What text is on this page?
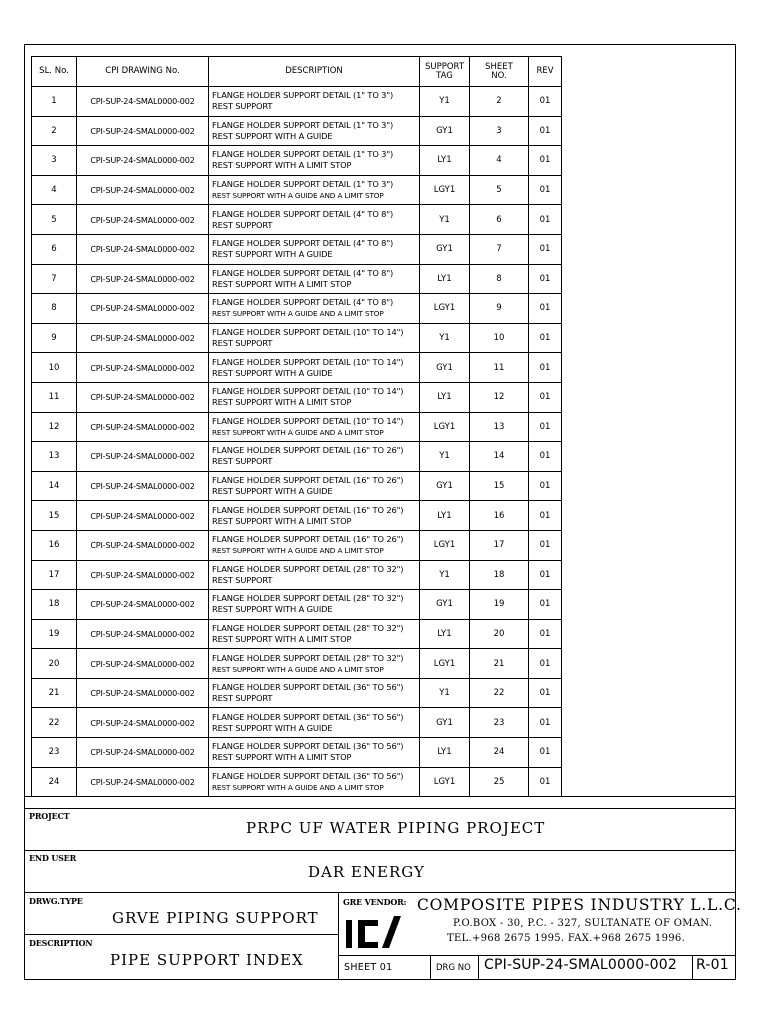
SL. No.	CPI DRAWING No.	DESCRIPTION	SUPPORT TAG	SHEET NO.	REV
1	CPI-SUP-24-SMAL0000-002	FLANGE HOLDER SUPPORT DETAIL (1" TO 3")
REST SUPPORT	Y1	2	01
2	CPI-SUP-24-SMAL0000-002	FLANGE HOLDER SUPPORT DETAIL (1" TO 3")
REST SUPPORT WITH A GUIDE	GY1	3	01
3	CPI-SUP-24-SMAL0000-002	FLANGE HOLDER SUPPORT DETAIL (1" TO 3")
REST SUPPORT WITH A LIMIT STOP	LY1	4	01
4	CPI-SUP-24-SMAL0000-002	FLANGE HOLDER SUPPORT DETAIL (1" TO 3")
REST SUPPORT WITH A GUIDE AND A LIMIT STOP	LGY1	5	01
5	CPI-SUP-24-SMAL0000-002	FLANGE HOLDER SUPPORT DETAIL (4" TO 8")
REST SUPPORT	Y1	6	01
6	CPI-SUP-24-SMAL0000-002	FLANGE HOLDER SUPPORT DETAIL (4" TO 8")
REST SUPPORT WITH A GUIDE	GY1	7	01
7	CPI-SUP-24-SMAL0000-002	FLANGE HOLDER SUPPORT DETAIL (4" TO 8")
REST SUPPORT WITH A LIMIT STOP	LY1	8	01
8	CPI-SUP-24-SMAL0000-002	FLANGE HOLDER SUPPORT DETAIL (4" TO 8")
REST SUPPORT WITH A GUIDE AND A LIMIT STOP	LGY1	9	01
9	CPI-SUP-24-SMAL0000-002	FLANGE HOLDER SUPPORT DETAIL (10" TO 14")
REST SUPPORT	Y1	10	01
10	CPI-SUP-24-SMAL0000-002	FLANGE HOLDER SUPPORT DETAIL (10" TO 14")
REST SUPPORT WITH A GUIDE	GY1	11	01
11	CPI-SUP-24-SMAL0000-002	FLANGE HOLDER SUPPORT DETAIL (10" TO 14")
REST SUPPORT WITH A LIMIT STOP	LY1	12	01
12	CPI-SUP-24-SMAL0000-002	FLANGE HOLDER SUPPORT DETAIL (10" TO 14")
REST SUPPORT WITH A GUIDE AND A LIMIT STOP	LGY1	13	01
13	CPI-SUP-24-SMAL0000-002	FLANGE HOLDER SUPPORT DETAIL (16" TO 26")
REST SUPPORT	Y1	14	01
14	CPI-SUP-24-SMAL0000-002	FLANGE HOLDER SUPPORT DETAIL (16" TO 26")
REST SUPPORT WITH A GUIDE	GY1	15	01
15	CPI-SUP-24-SMAL0000-002	FLANGE HOLDER SUPPORT DETAIL (16" TO 26")
REST SUPPORT WITH A LIMIT STOP	LY1	16	01
16	CPI-SUP-24-SMAL0000-002	FLANGE HOLDER SUPPORT DETAIL (16" TO 26")
REST SUPPORT WITH A GUIDE AND A LIMIT STOP	LGY1	17	01
17	CPI-SUP-24-SMAL0000-002	FLANGE HOLDER SUPPORT DETAIL (28" TO 32")
REST SUPPORT	Y1	18	01
18	CPI-SUP-24-SMAL0000-002	FLANGE HOLDER SUPPORT DETAIL (28" TO 32")
REST SUPPORT WITH A GUIDE	GY1	19	01
19	CPI-SUP-24-SMAL0000-002	FLANGE HOLDER SUPPORT DETAIL (28" TO 32")
REST SUPPORT WITH A LIMIT STOP	LY1	20	01
20	CPI-SUP-24-SMAL0000-002	FLANGE HOLDER SUPPORT DETAIL (28" TO 32")
REST SUPPORT WITH A GUIDE AND A LIMIT STOP	LGY1	21	01
21	CPI-SUP-24-SMAL0000-002	FLANGE HOLDER SUPPORT DETAIL (36" TO 56")
REST SUPPORT	Y1	22	01
22	CPI-SUP-24-SMAL0000-002	FLANGE HOLDER SUPPORT DETAIL (36" TO 56")
REST SUPPORT WITH A GUIDE	GY1	23	01
23	CPI-SUP-24-SMAL0000-002	FLANGE HOLDER SUPPORT DETAIL (36" TO 56")
REST SUPPORT WITH A LIMIT STOP	LY1	24	01
24	CPI-SUP-24-SMAL0000-002	FLANGE HOLDER SUPPORT DETAIL (36" TO 56")
REST SUPPORT WITH A GUIDE AND A LIMIT STOP	LGY1	25	01
PROJECT
PRPC UF WATER PIPING PROJECT
END USER
DAR ENERGY
DRWG.TYPE
GRVE PIPING SUPPORT
DESCRIPTION
PIPE SUPPORT INDEX
GRE VENDOR: COMPOSITE PIPES INDUSTRY L.L.C.
P.O.BOX - 30, P.C. - 327, SULTANATE OF OMAN.
TEL.+968 2675 1995. FAX.+968 2675 1996.
SHEET 01	DRG NO CPI-SUP-24-SMAL0000-002 R-01
